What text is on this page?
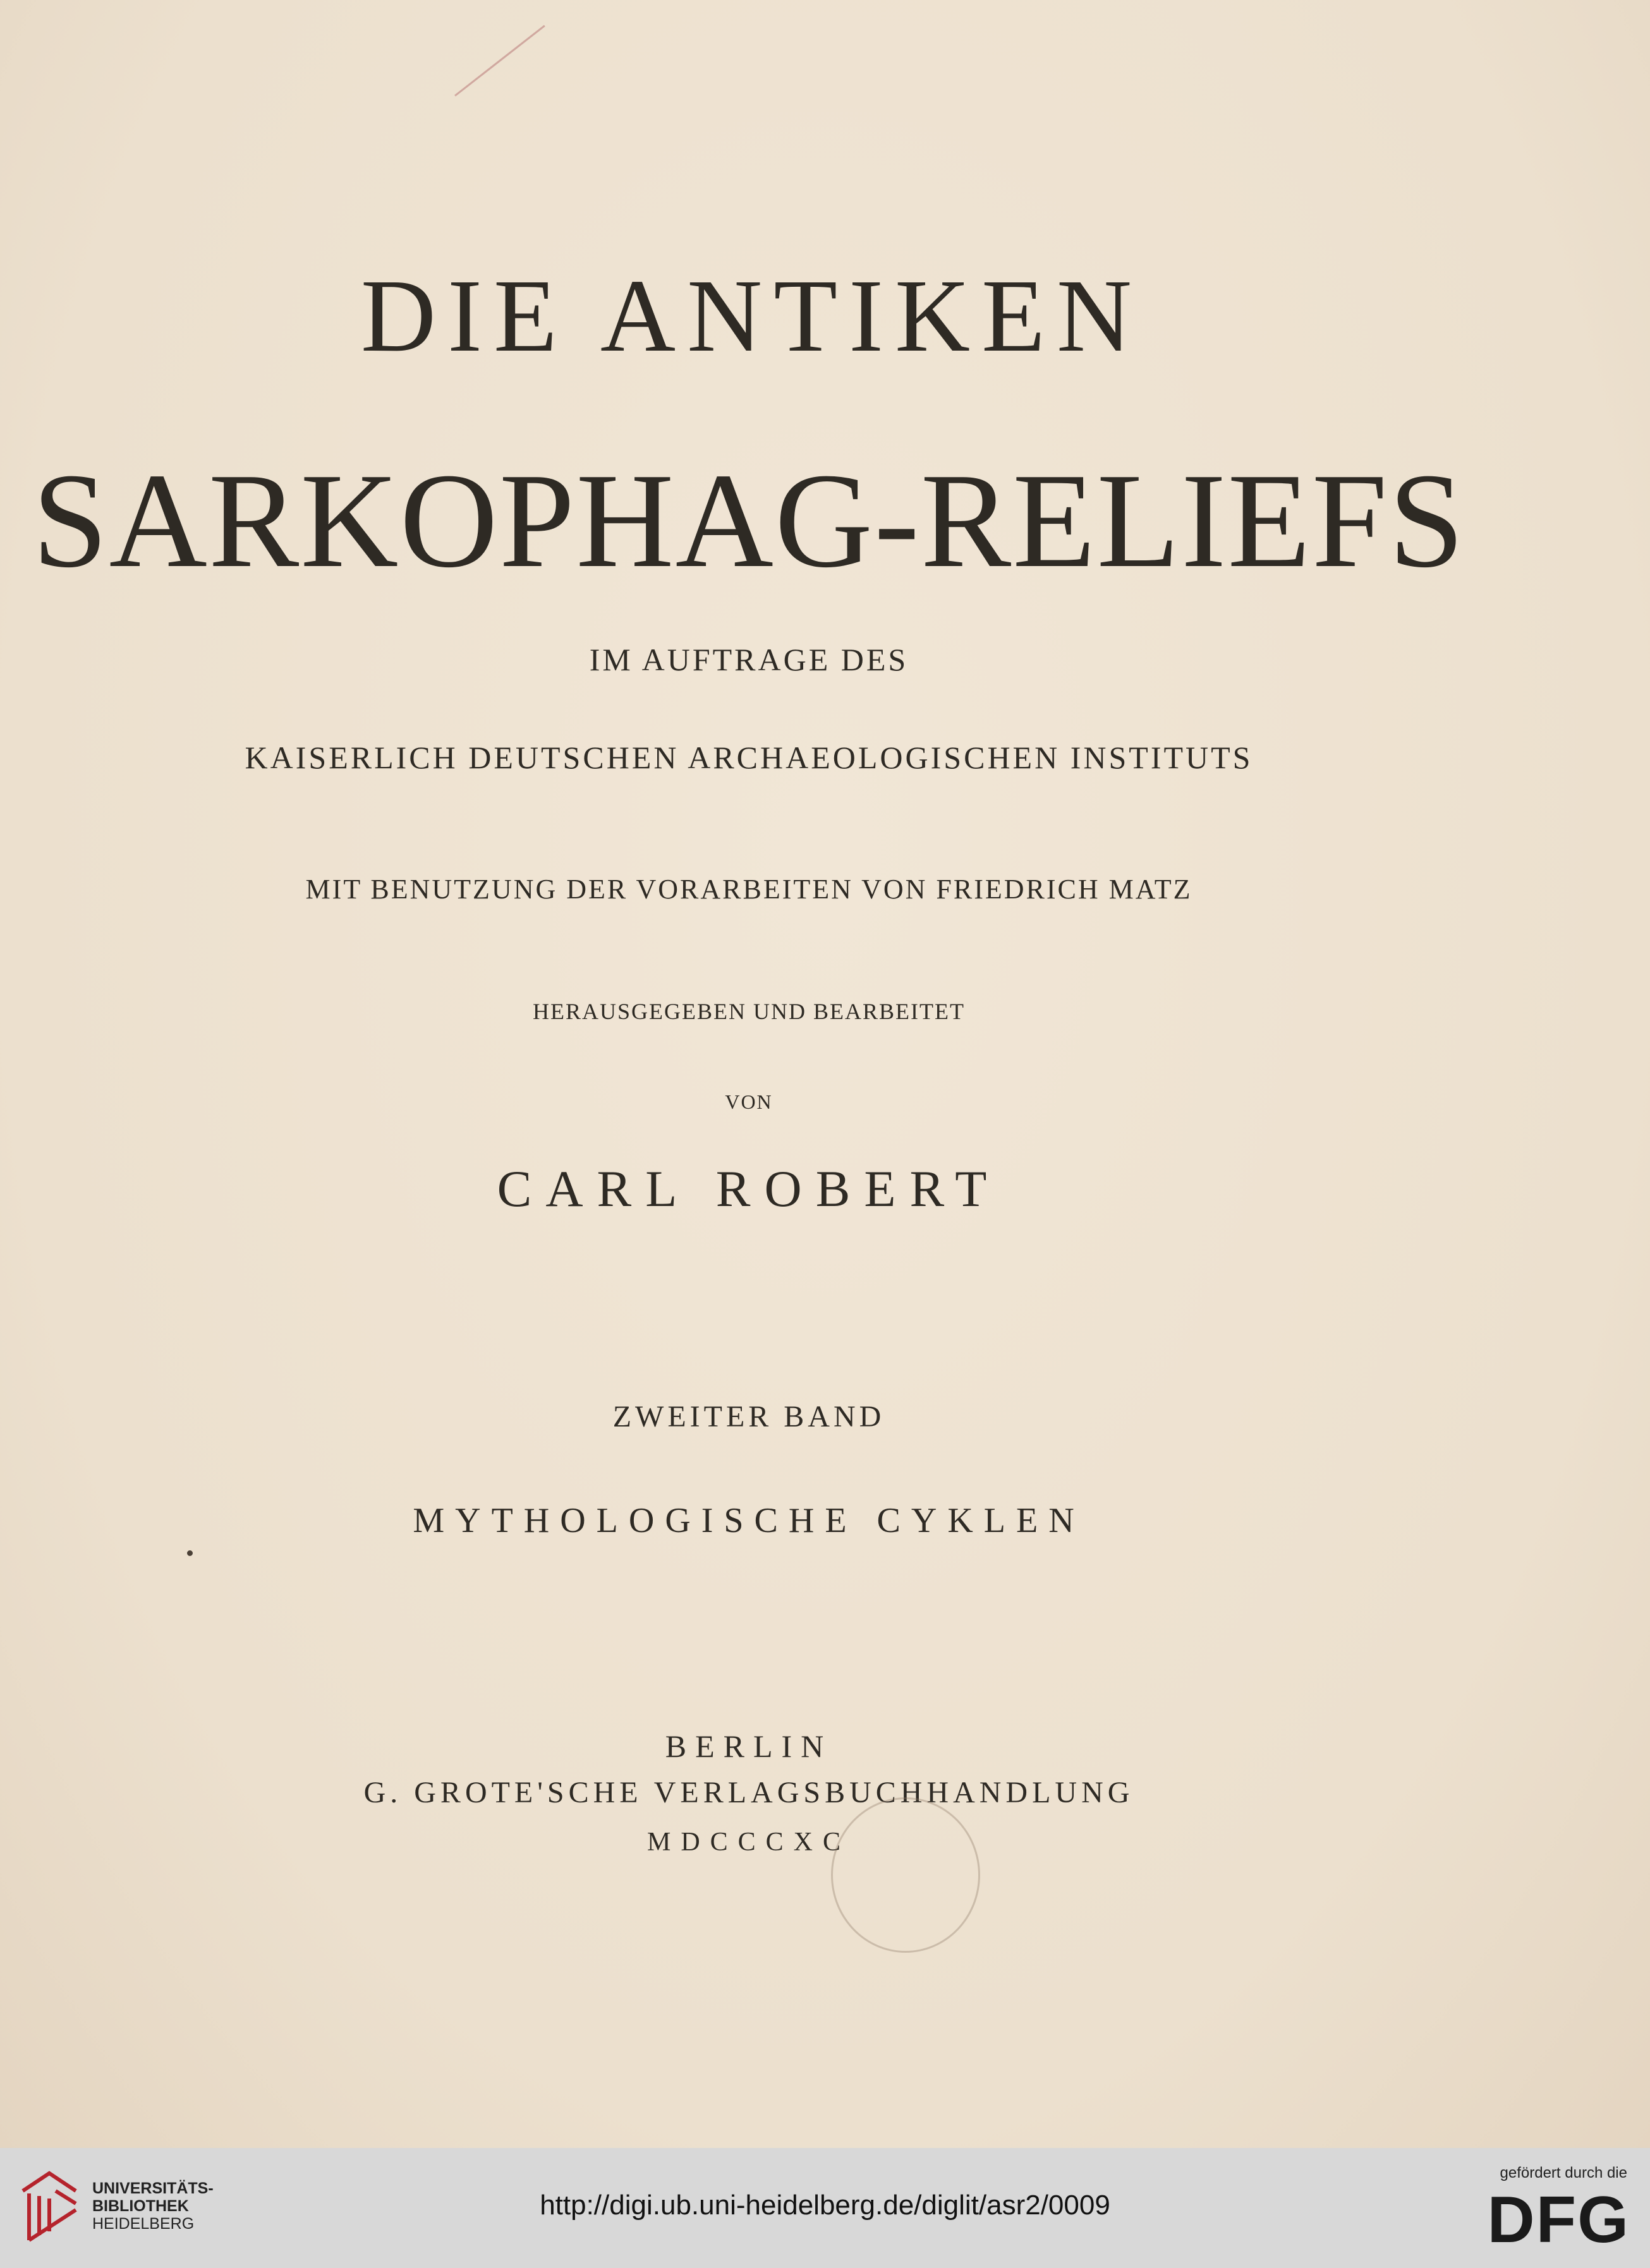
DIE ANTIKEN
SARKOPHAG-RELIEFS
IM AUFTRAGE DES
KAISERLICH DEUTSCHEN ARCHAEOLOGISCHEN INSTITUTS
MIT BENUTZUNG DER VORARBEITEN VON FRIEDRICH MATZ
HERAUSGEGEBEN UND BEARBEITET
VON
CARL ROBERT
ZWEITER BAND
MYTHOLOGISCHE CYKLEN
BERLIN
G. GROTE'SCHE VERLAGSBUCHHANDLUNG
MDCCCXC
UNIVERSITÄTS-
BIBLIOTHEK
HEIDELBERG
http://digi.ub.uni-heidelberg.de/diglit/asr2/0009
gefördert durch die
DFG
